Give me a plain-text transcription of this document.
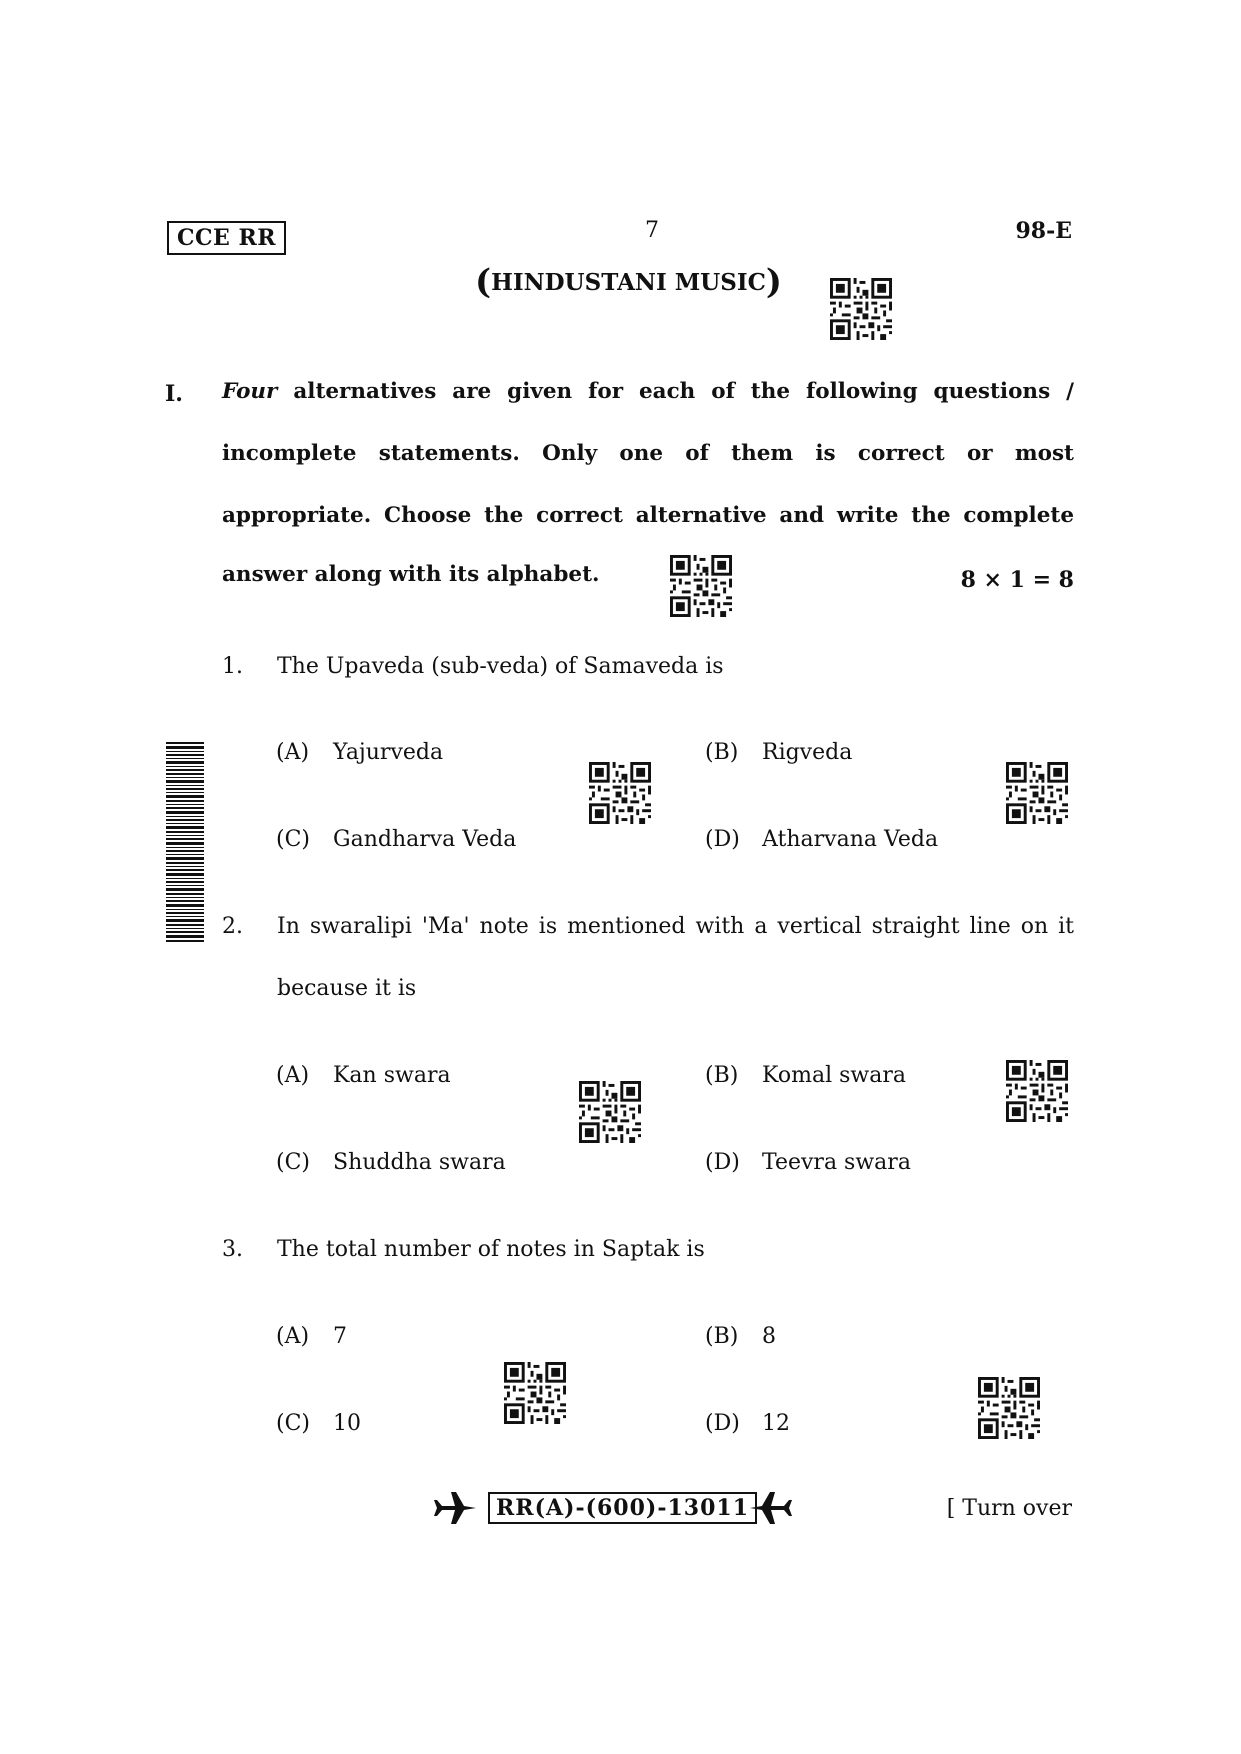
CCE RR	7	98-E
(HINDUSTANI MUSIC)
I. Four alternatives are given for each of the following questions /
incomplete statements. Only one of them is correct or most
appropriate. Choose the correct alternative and write the complete
answer along with its alphabet.	8 × 1 = 8
1. The Upaveda (sub-veda) of Samaveda is
(A) Yajurveda	(B) Rigveda
(C) Gandharva Veda	(D) Atharvana Veda
2. In swaralipi 'Ma' note is mentioned with a vertical straight line on it
because it is
(A) Kan swara	(B) Komal swara
(C) Shuddha swara	(D) Teevra swara
3. The total number of notes in Saptak is
(A) 7	(B) 8
(C) 10	(D) 12
RR(A)-(600)-13011	[ Turn over
